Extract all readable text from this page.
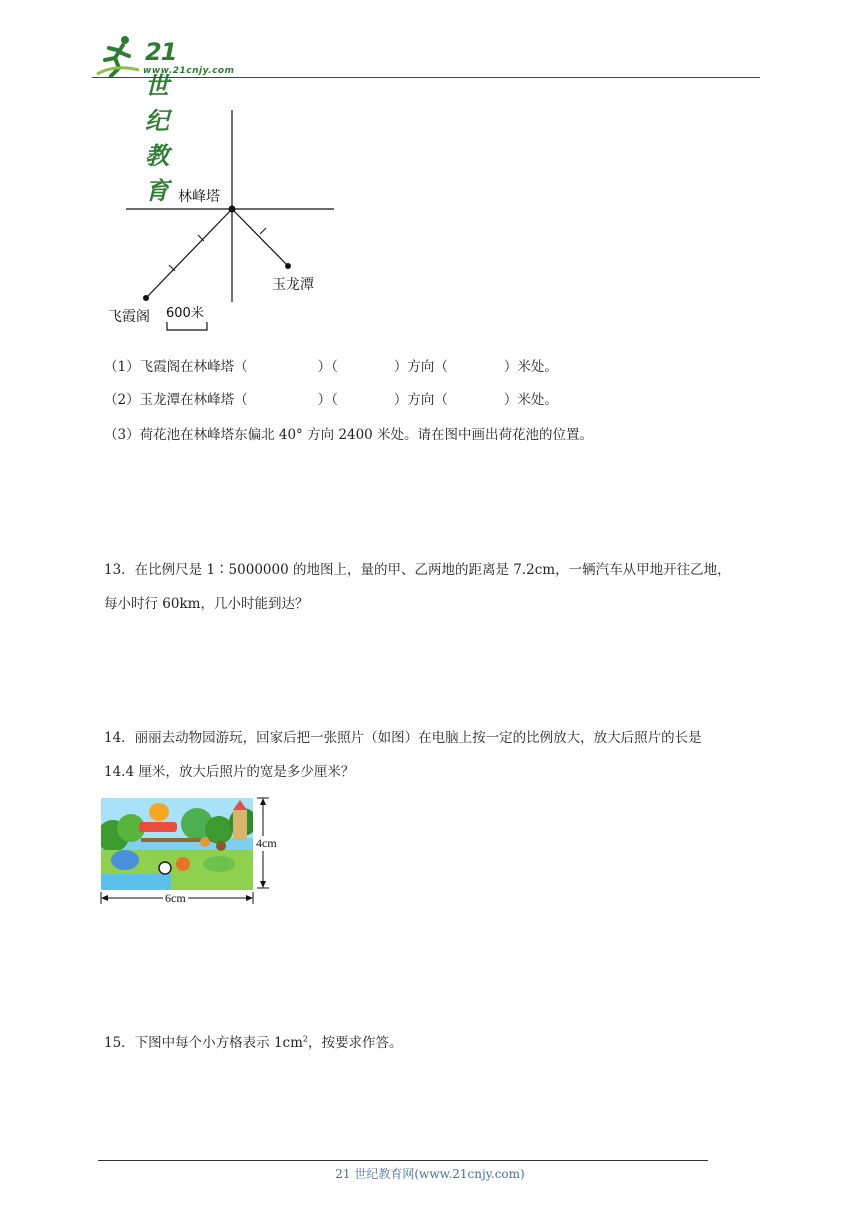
21世纪教育
www.21cnjy.com
林峰塔
飞霞阁
玉龙潭
600米
（1）飞霞阁在林峰塔（	）（	）方向（	）米处。
（2）玉龙潭在林峰塔（	）（	）方向（	）米处。
（3）荷花池在林峰塔东偏北 40° 方向 2400 米处。请在图中画出荷花池的位置。
13．在比例尺是 1∶5000000 的地图上，量的甲、乙两地的距离是 7.2cm，一辆汽车从甲地开往乙地，
每小时行 60km，几小时能到达？
14．丽丽去动物园游玩，回家后把一张照片（如图）在电脑上按一定的比例放大，放大后照片的长是
14.4 厘米，放大后照片的宽是多少厘米？
4cm
6cm
15．下图中每个小方格表示 $1cm^2$，按要求作答。
21 世纪教育网(www.21cnjy.com)
